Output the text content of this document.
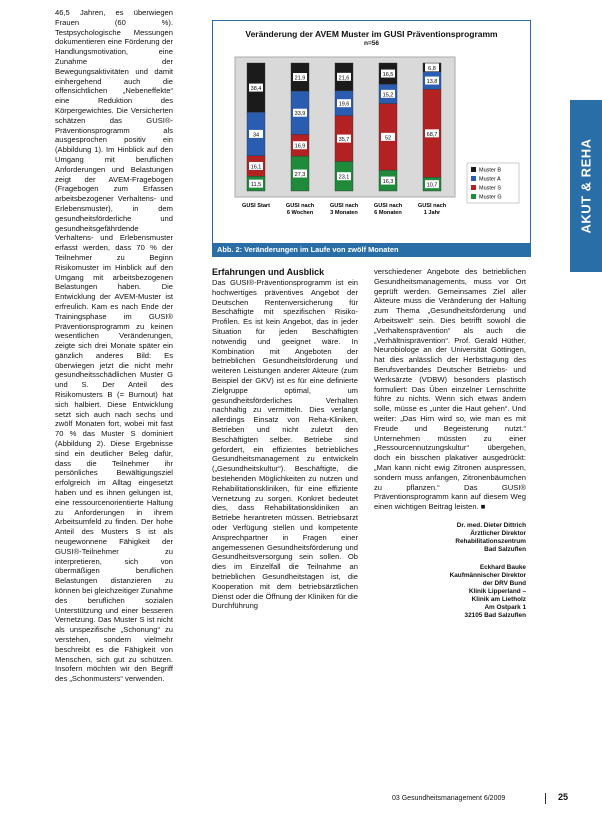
46,5 Jahren, es überwiegen Frauen (60 %). Testpsychologische Messungen dokumentieren eine Förderung der Handlungsmotivation, eine Zunahme der Bewegungsaktivitäten und damit einhergehend auch die offensichtlichen „Nebeneffekte“ eine Reduktion des Körpergewichtes. Die Versicherten schätzen das GUSI®-Präventionsprogramm als ausgesprochen positiv ein (Abbildung 1). Im Hinblick auf den Umgang mit beruflichen Anforderungen und Belastungen zeigt der AVEM-Fragebogen (Fragebogen zum Erfassen arbeitsbezogener Verhaltens- und Erlebensmuster), in dem gesundheitsförderliche und gesundheitsgefährdende Verhaltens- und Erlebensmuster erfasst werden, dass 70 % der Teilnehmer zu Beginn Risikomuster im Hinblick auf den Umgang mit arbeitsbezogenen Belastungen haben. Die Entwicklung der AVEM-Muster ist erfreulich. Kam es nach Ende der Trainingsphase im GUSI® Präventionsprogramm zu keinen wesentlichen Veränderungen, zeigte sich drei Monate später ein gänzlich anderes Bild: Es überwiegen jetzt die nicht mehr gesundheitsschädlichen Muster G und S. Der Anteil des Risikomusters B (= Burnout) hat sich halbiert. Diese Entwicklung setzt sich auch nach sechs und zwölf Monaten fort, wobei mit fast 70 % das Muster S dominiert (Abbildung 2). Diese Ergebnisse sind ein deutlicher Beleg dafür, dass die Teilnehmer ihr persönliches Bewältigungsziel erfolgreich im Alltag eingesetzt haben und es ihnen gelungen ist, eine ressourcenorientierte Haltung zu Anforderungen in ihrem Arbeitsumfeld zu finden. Der hohe Anteil des Musters S ist als neugewonnene Fähigkeit der GUSI®-Teilnehmer zu interpretieren, sich von übermäßigen beruflichen Belastungen distanzieren zu können bei gleichzeitiger Zunahme des beruflichen sozialen Unterstützung und einer besseren Vernetzung. Das Muster S ist nicht als unspezifische „Schonung“ zu verstehen, sondern vielmehr beschreibt es die Fähigkeit von Menschen, sich gut zu schützen. Insofern möchten wir den Begriff des „Schonmusters“ verwenden.

Veränderung der AVEM Muster im GUSI Präventionsprogramm
n=56
11,5
16,1
34
38,4
GUSI Start
27,3
16,9
33,9
21,9
GUSI nach
6 Wochen
23,1
35,7
19,6
21,6
GUSI nach
3 Monaten
16,3
52
15,2
16,5
GUSI nach
6 Monaten
10,7
68,7
13,8
6,8
GUSI nach
1 Jahr
Muster B
Muster A
Muster S
Muster G
Abb. 2: Veränderungen im Laufe von zwölf Monaten
Erfahrungen und Ausblick

Das GUSI®-Präventionsprogramm ist ein hochwertiges präventives Angebot der Deutschen Rentenversicherung für Beschäftigte mit spezifischen Risiko-Profilen. Es ist kein Angebot, das in jeder Situation für jeden Beschäftigten notwendig und geeignet wäre. In Kombination mit Angeboten der betrieblichen Gesundheitsförderung und weiteren Leistungen anderer Akteure (zum Beispiel der GKV) ist es für eine definierte Zielgruppe optimal, um gesundheitsförderliches Verhalten nachhaltig zu vermitteln. Dies verlangt allerdings Einsatz von Reha-Kliniken, Betrieben und nicht zuletzt den Beschäftigten selber. Betriebe sind gefordert, ein effizientes betriebliches Gesundheitsmanagement zu entwickeln („Gesundheitskultur“). Beschäftigte, die bestehenden Möglichkeiten zu nutzen und Rehabilitationskliniken, für eine effiziente Vernetzung zu sorgen. Konkret bedeutet dies, dass Rehabilitationskliniken an Betriebe herantreten müssen. Betriebsarzt oder Verfügung stellen und kompetente Ansprechpartner in Fragen einer angemessenen Gesundheitsförderung und Gesundheitsversorgung sein sollen. Ob dies im Einzelfall die Teilnahme an betrieblichen Gesundheitstagen ist, die Kooperation mit dem betriebsärztlichen Dienst oder die Öffnung der Kliniken für die Durchführung

verschiedener Angebote des betrieblichen Gesundheitsmanagements, muss vor Ort geprüft werden. Gemeinsames Ziel aller Akteure muss die Veränderung der Haltung zum Thema „Gesundheitsförderung und Arbeitswelt“ sein. Dies betrifft sowohl die „Verhaltensprävention“ als auch die „Verhältnisprävention“. Prof. Gerald Hüther, Neurobiologe an der Universität Göttingen, hat dies anlässlich der Herbsttagung des Berufsverbandes Deutscher Betriebs- und Werksärzte (VDBW) besonders plastisch formuliert: Das Üben einzelner Lernschritte führe zu nichts. Wenn sich etwas ändern solle, müsse es „unter die Haut gehen“. Und weiter: „Das Hirn wird so, wie man es mit Freude und Begeisterung nutzt.“ Unternehmen müssten zu einer „Ressourcennutzungskultur“ übergehen, doch ein bisschen plakativer ausgedrückt: „Man kann nicht ewig Zitronen auspressen, sondern muss anfangen, Zitronenbäumchen zu pflanzen.“ Das GUSI® Präventionsprogramm kann auf diesem Weg einen wichtigen Beitrag leisten. ■

Dr. med. Dieter Dittrich
Ärztlicher Direktor
Rehabilitationszentrum
Bad Salzuflen
Eckhard Bauke
Kaufmännischer Direktor
der DRV Bund
Klinik Lipperland –
Klinik am Lietholz
Am Ostpark 1
32105 Bad Salzuflen
AKUT & REHA
03 Gesundheitsmanagement 6/2009	25
